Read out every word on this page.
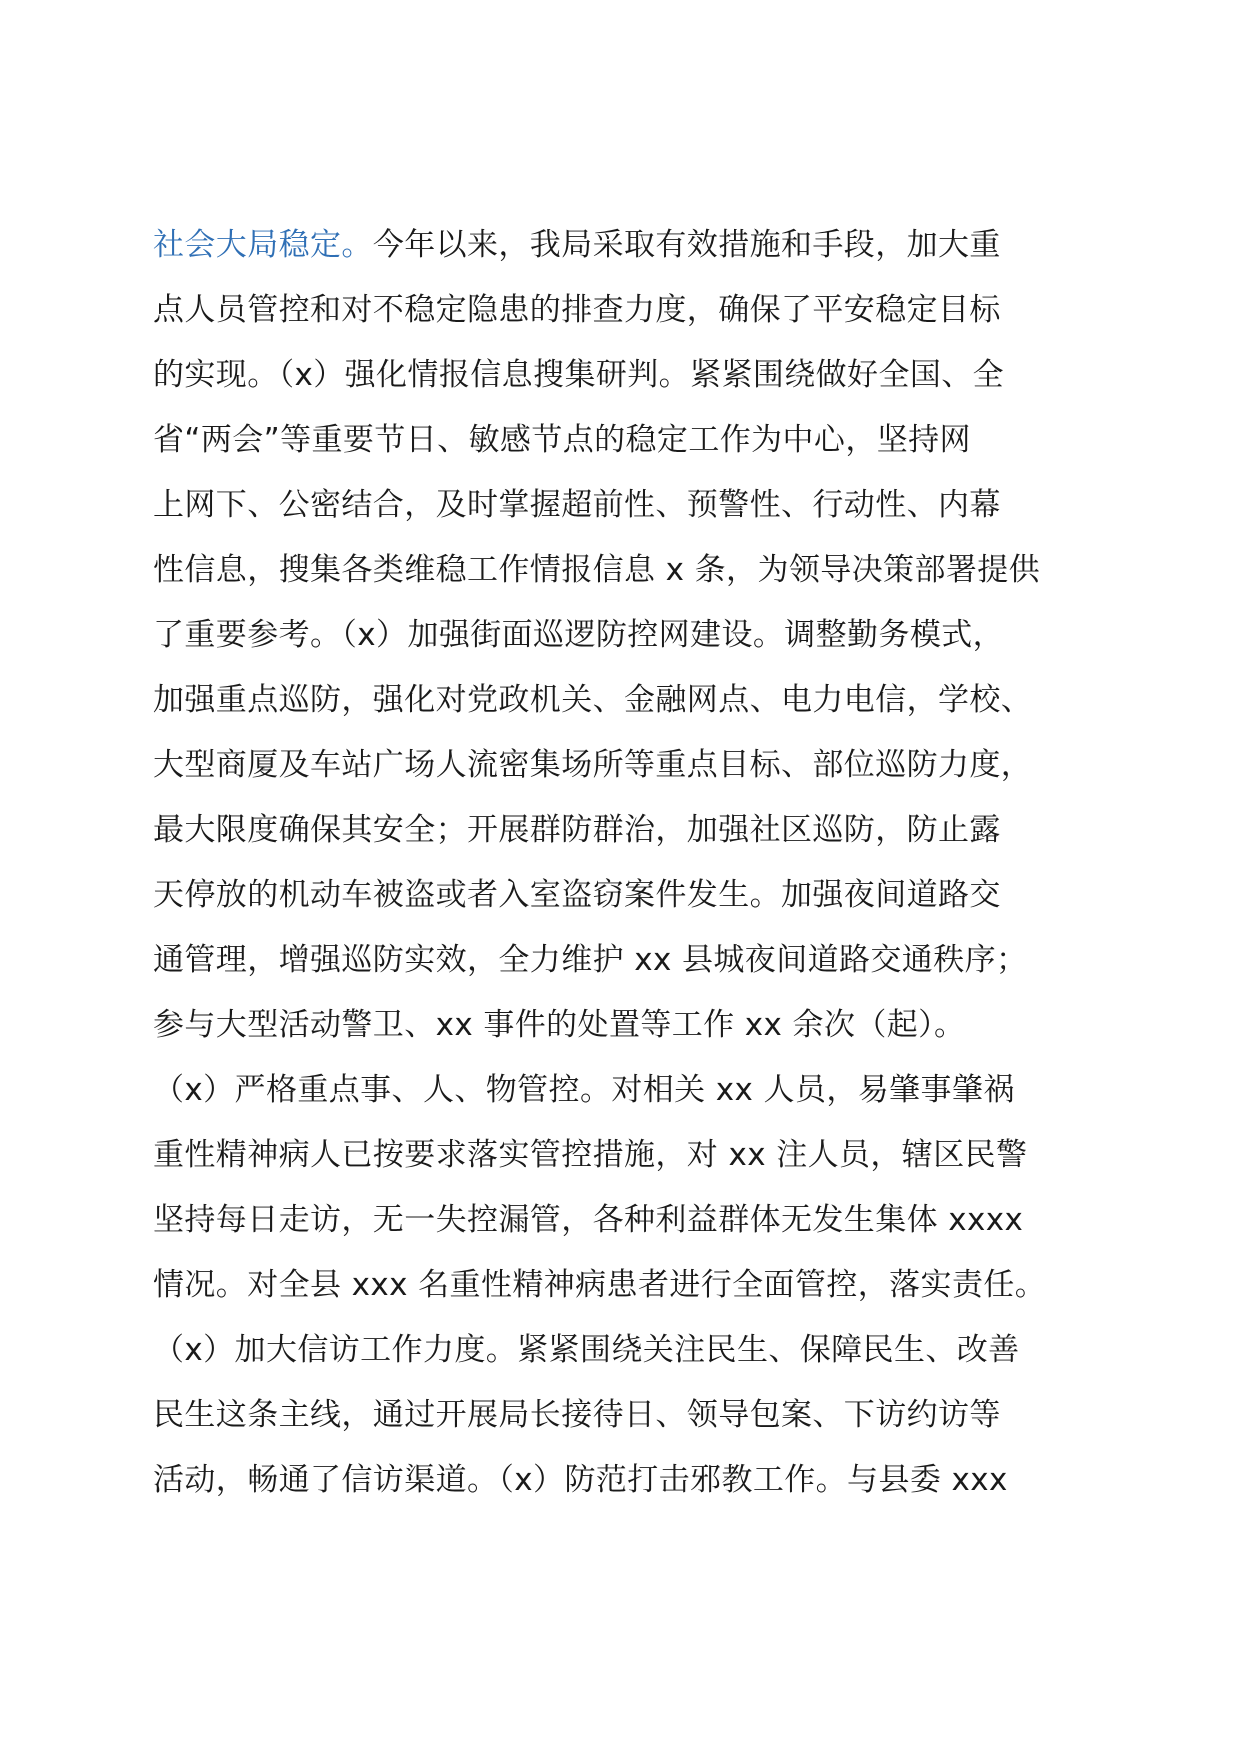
社会大局稳定。今年以来，我局采取有效措施和手段，加大重
点人员管控和对不稳定隐患的排查力度，确保了平安稳定目标
的实现。（x）强化情报信息搜集研判。紧紧围绕做好全国、全
省“两会”等重要节日、敏感节点的稳定工作为中心，坚持网
上网下、公密结合，及时掌握超前性、预警性、行动性、内幕
性信息，搜集各类维稳工作情报信息 x 条，为领导决策部署提供
了重要参考。（x）加强街面巡逻防控网建设。调整勤务模式，
加强重点巡防，强化对党政机关、金融网点、电力电信，学校、
大型商厦及车站广场人流密集场所等重点目标、部位巡防力度，
最大限度确保其安全；开展群防群治，加强社区巡防，防止露
天停放的机动车被盗或者入室盗窃案件发生。加强夜间道路交
通管理，增强巡防实效，全力维护 xx 县城夜间道路交通秩序；
参与大型活动警卫、xx 事件的处置等工作 xx 余次（起）。
（x）严格重点事、人、物管控。对相关 xx 人员，易肇事肇祸
重性精神病人已按要求落实管控措施，对 xx 注人员，辖区民警
坚持每日走访，无一失控漏管，各种利益群体无发生集体 xxxx
情况。对全县 xxx 名重性精神病患者进行全面管控，落实责任。
（x）加大信访工作力度。紧紧围绕关注民生、保障民生、改善
民生这条主线，通过开展局长接待日、领导包案、下访约访等
活动，畅通了信访渠道。（x）防范打击邪教工作。与县委 xxx
